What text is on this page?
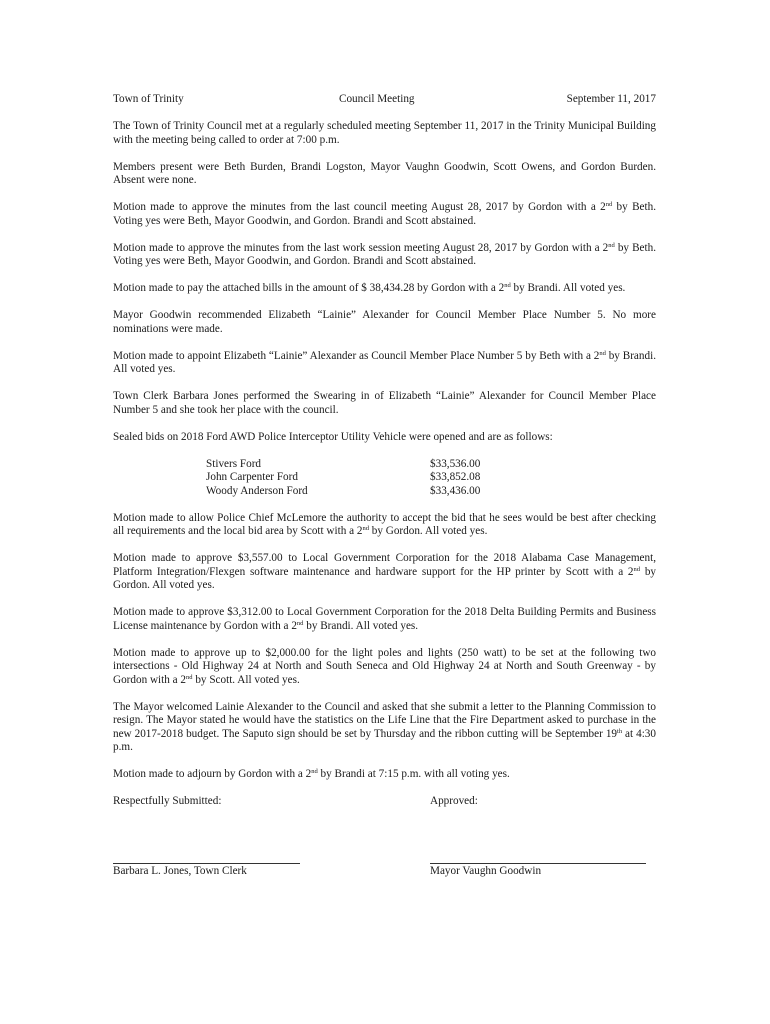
Town of Trinity	Council Meeting	September 11, 2017

The Town of Trinity Council met at a regularly scheduled meeting September 11, 2017 in the Trinity Municipal Building with the meeting being called to order at 7:00 p.m.

Members present were Beth Burden, Brandi Logston, Mayor Vaughn Goodwin, Scott Owens, and Gordon Burden. Absent were none.

Motion made to approve the minutes from the last council meeting August 28, 2017 by Gordon with a 2nd by Beth. Voting yes were Beth, Mayor Goodwin, and Gordon. Brandi and Scott abstained.

Motion made to approve the minutes from the last work session meeting August 28, 2017 by Gordon with a 2nd by Beth. Voting yes were Beth, Mayor Goodwin, and Gordon. Brandi and Scott abstained.

Motion made to pay the attached bills in the amount of $ 38,434.28 by Gordon with a 2nd by Brandi. All voted yes.

Mayor Goodwin recommended Elizabeth “Lainie” Alexander for Council Member Place Number 5. No more nominations were made.

Motion made to appoint Elizabeth “Lainie” Alexander as Council Member Place Number 5 by Beth with a 2nd by Brandi. All voted yes.

Town Clerk Barbara Jones performed the Swearing in of Elizabeth “Lainie” Alexander for Council Member Place Number 5 and she took her place with the council.

Sealed bids on 2018 Ford AWD Police Interceptor Utility Vehicle were opened and are as follows:

Stivers Ford	$33,536.00
John Carpenter Ford	$33,852.08
Woody Anderson Ford	$33,436.00

Motion made to allow Police Chief McLemore the authority to accept the bid that he sees would be best after checking all requirements and the local bid area by Scott with a 2nd by Gordon. All voted yes.

Motion made to approve $3,557.00 to Local Government Corporation for the 2018 Alabama Case Management, Platform Integration/Flexgen software maintenance and hardware support for the HP printer by Scott with a 2nd by Gordon. All voted yes.

Motion made to approve $3,312.00 to Local Government Corporation for the 2018 Delta Building Permits and Business License maintenance by Gordon with a 2nd by Brandi. All voted yes.

Motion made to approve up to $2,000.00 for the light poles and lights (250 watt) to be set at the following two intersections - Old Highway 24 at North and South Seneca and Old Highway 24 at North and South Greenway - by Gordon with a 2nd by Scott. All voted yes.

The Mayor welcomed Lainie Alexander to the Council and asked that she submit a letter to the Planning Commission to resign. The Mayor stated he would have the statistics on the Life Line that the Fire Department asked to purchase in the new 2017-2018 budget. The Saputo sign should be set by Thursday and the ribbon cutting will be September 19th at 4:30 p.m.

Motion made to adjourn by Gordon with a 2nd by Brandi at 7:15 p.m. with all voting yes.

Respectfully Submitted:	Approved:
Barbara L. Jones, Town Clerk	Mayor Vaughn Goodwin
